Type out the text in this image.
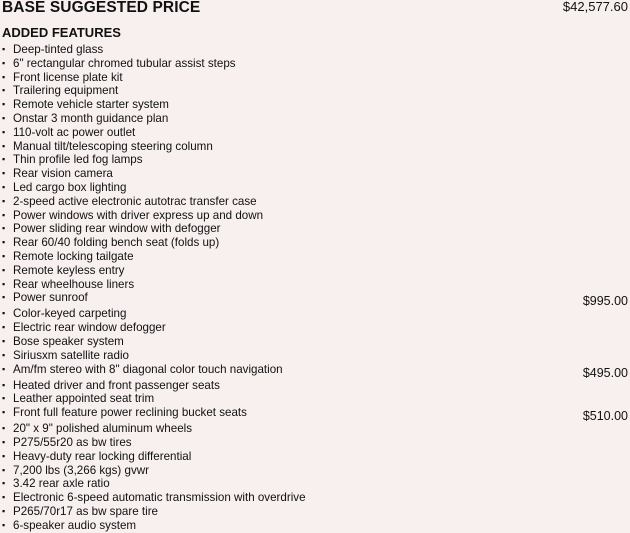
BASE SUGGESTED PRICE	$42,577.60
ADDED FEATURES
▪ Deep-tinted glass
▪ 6" rectangular chromed tubular assist steps
▪ Front license plate kit
▪ Trailering equipment
▪ Remote vehicle starter system
▪ Onstar 3 month guidance plan
▪ 110-volt ac power outlet
▪ Manual tilt/telescoping steering column
▪ Thin profile led fog lamps
▪ Rear vision camera
▪ Led cargo box lighting
▪ 2-speed active electronic autotrac transfer case
▪ Power windows with driver express up and down
▪ Power sliding rear window with defogger
▪ Rear 60/40 folding bench seat (folds up)
▪ Remote locking tailgate
▪ Remote keyless entry
▪ Rear wheelhouse liners
▪ Power sunroof	$995.00
▪ Color-keyed carpeting
▪ Electric rear window defogger
▪ Bose speaker system
▪ Siriusxm satellite radio
▪ Am/fm stereo with 8" diagonal color touch navigation	$495.00
▪ Heated driver and front passenger seats
▪ Leather appointed seat trim
▪ Front full feature power reclining bucket seats	$510.00
▪ 20" x 9" polished aluminum wheels
▪ P275/55r20 as bw tires
▪ Heavy-duty rear locking differential
▪ 7,200 lbs (3,266 kgs) gvwr
▪ 3.42 rear axle ratio
▪ Electronic 6-speed automatic transmission with overdrive
▪ P265/70r17 as bw spare tire
▪ 6-speaker audio system
